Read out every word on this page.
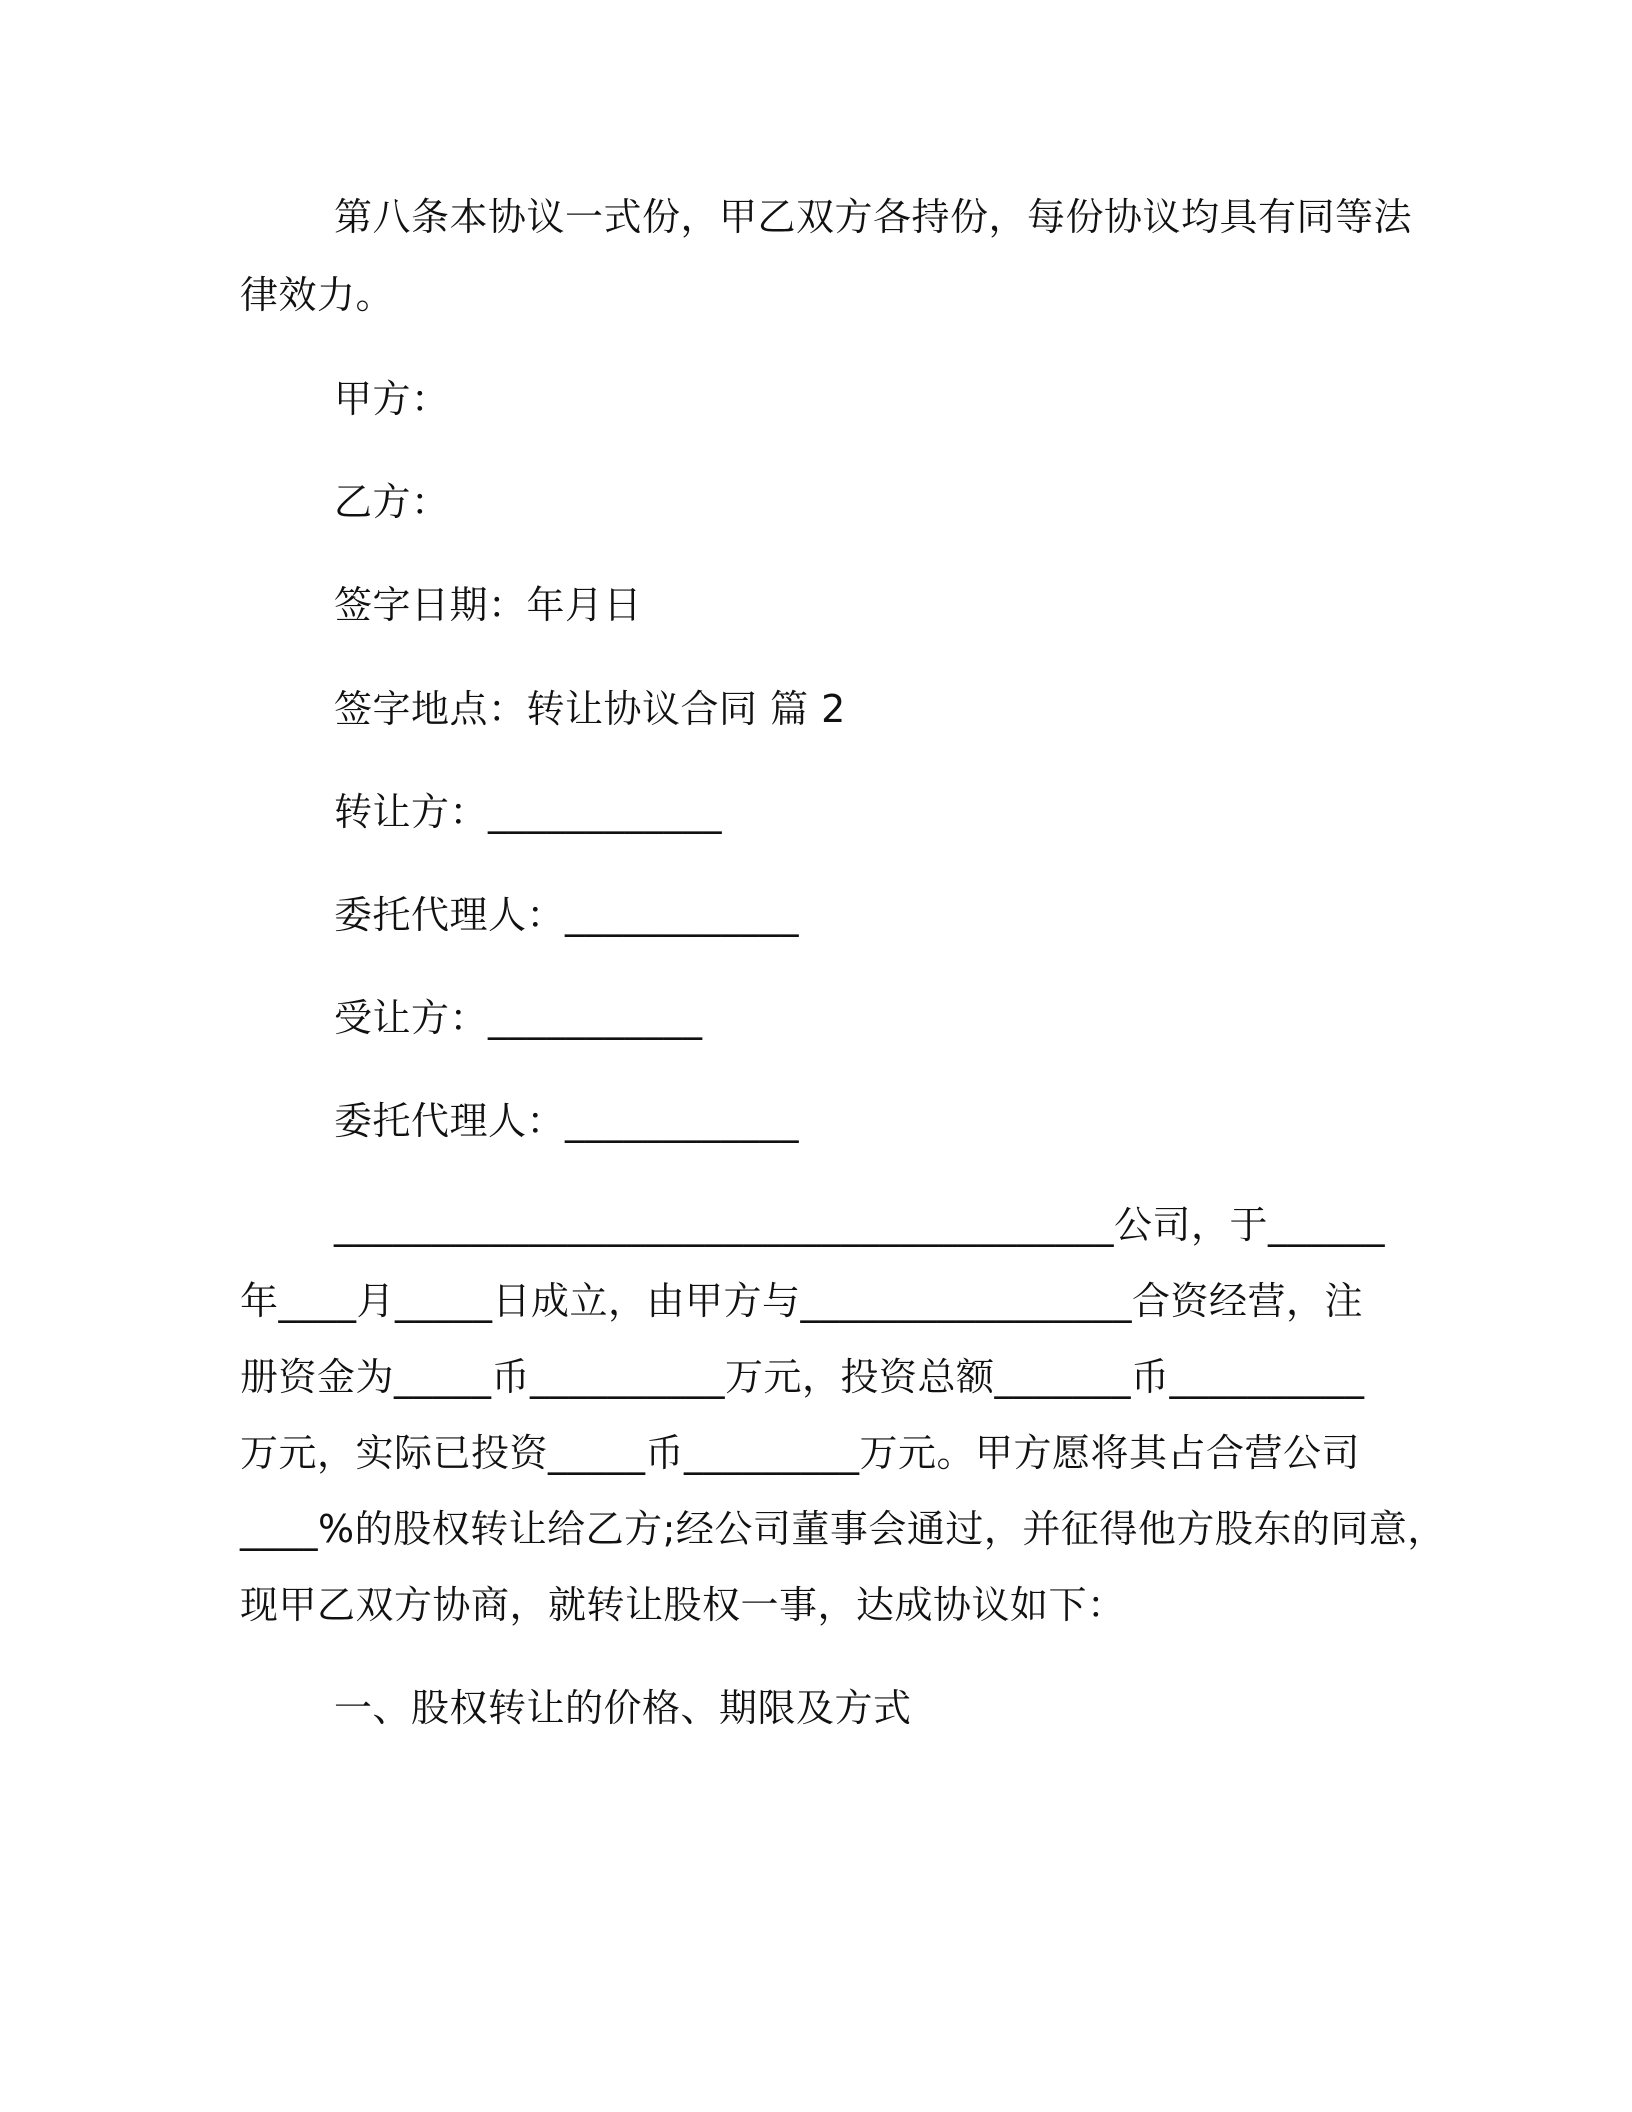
第八条本协议一式份，甲乙双方各持份，每份协议均具有同等法
律效力。
甲方：
乙方：
签字日期：年月日
签字地点：转让协议合同 篇 2
转让方：____________
委托代理人：____________
受让方：___________
委托代理人：____________
________________________________________公司，于______
年____月_____日成立，由甲方与_________________合资经营，注
册资金为_____币__________万元，投资总额_______币__________
万元，实际已投资_____币_________万元。甲方愿将其占合营公司
____%的股权转让给乙方;经公司董事会通过，并征得他方股东的同意，
现甲乙双方协商，就转让股权一事，达成协议如下：
一、股权转让的价格、期限及方式
